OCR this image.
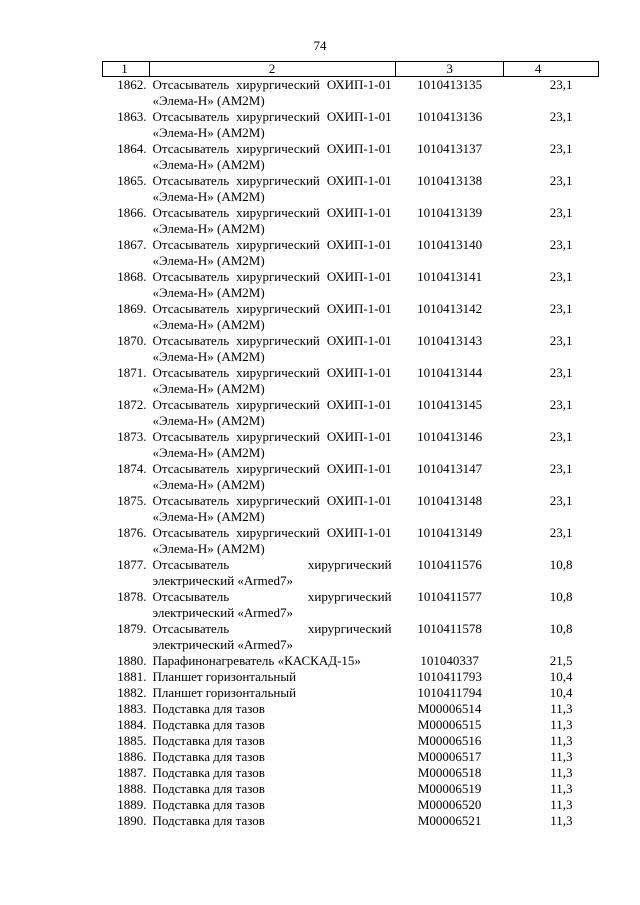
74
1	2	3	4
1862.	Отсасыватель хирургический ОХИП-1-01 «Элема-Н» (АМ2М)	1010413135	23,1
1863.	Отсасыватель хирургический ОХИП-1-01 «Элема-Н» (АМ2М)	1010413136	23,1
1864.	Отсасыватель хирургический ОХИП-1-01 «Элема-Н» (АМ2М)	1010413137	23,1
1865.	Отсасыватель хирургический ОХИП-1-01 «Элема-Н» (АМ2М)	1010413138	23,1
1866.	Отсасыватель хирургический ОХИП-1-01 «Элема-Н» (АМ2М)	1010413139	23,1
1867.	Отсасыватель хирургический ОХИП-1-01 «Элема-Н» (АМ2М)	1010413140	23,1
1868.	Отсасыватель хирургический ОХИП-1-01 «Элема-Н» (АМ2М)	1010413141	23,1
1869.	Отсасыватель хирургический ОХИП-1-01 «Элема-Н» (АМ2М)	1010413142	23,1
1870.	Отсасыватель хирургический ОХИП-1-01 «Элема-Н» (АМ2М)	1010413143	23,1
1871.	Отсасыватель хирургический ОХИП-1-01 «Элема-Н» (АМ2М)	1010413144	23,1
1872.	Отсасыватель хирургический ОХИП-1-01 «Элема-Н» (АМ2М)	1010413145	23,1
1873.	Отсасыватель хирургический ОХИП-1-01 «Элема-Н» (АМ2М)	1010413146	23,1
1874.	Отсасыватель хирургический ОХИП-1-01 «Элема-Н» (АМ2М)	1010413147	23,1
1875.	Отсасыватель хирургический ОХИП-1-01 «Элема-Н» (АМ2М)	1010413148	23,1
1876.	Отсасыватель хирургический ОХИП-1-01 «Элема-Н» (АМ2М)	1010413149	23,1
1877.	Отсасыватель хирургический электрический «Armed7»	1010411576	10,8
1878.	Отсасыватель хирургический электрический «Armed7»	1010411577	10,8
1879.	Отсасыватель хирургический электрический «Armed7»	1010411578	10,8
1880.	Парафинонагреватель «КАСКАД-15»	101040337	21,5
1881.	Планшет горизонтальный	1010411793	10,4
1882.	Планшет горизонтальный	1010411794	10,4
1883.	Подставка для тазов	М00006514	11,3
1884.	Подставка для тазов	М00006515	11,3
1885.	Подставка для тазов	М00006516	11,3
1886.	Подставка для тазов	М00006517	11,3
1887.	Подставка для тазов	М00006518	11,3
1888.	Подставка для тазов	М00006519	11,3
1889.	Подставка для тазов	М00006520	11,3
1890.	Подставка для тазов	М00006521	11,3
